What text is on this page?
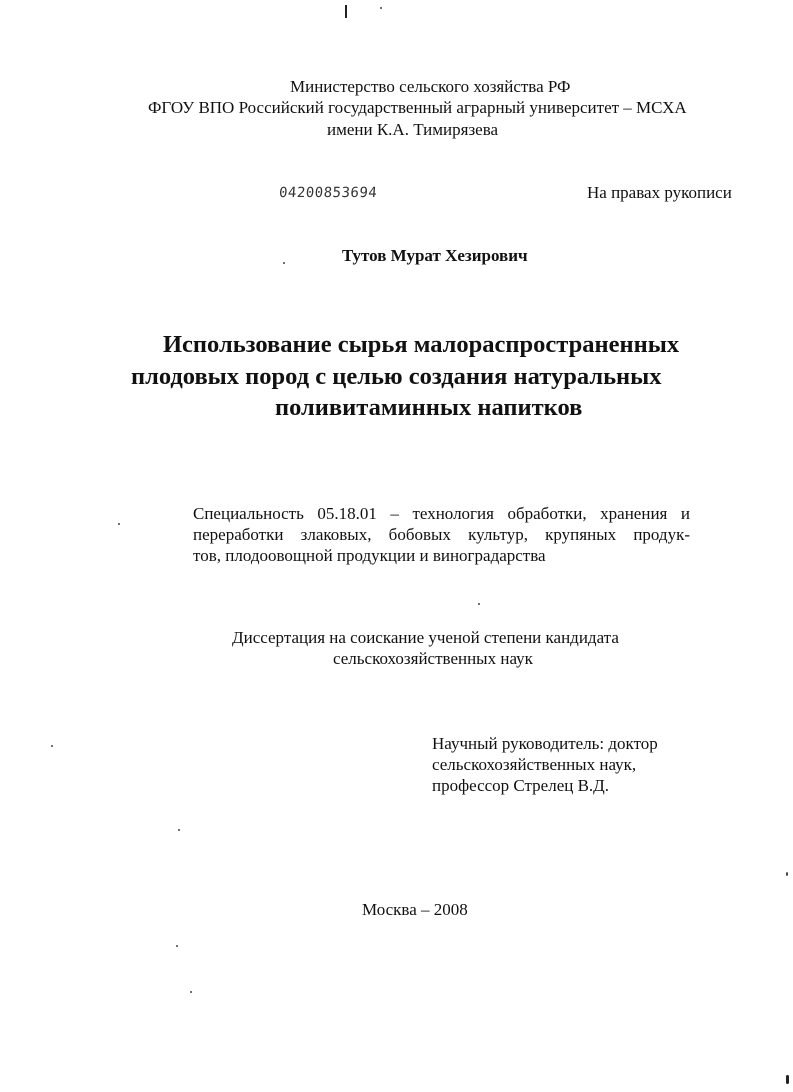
Министерство сельского хозяйства РФ
ФГОУ ВПО Российский государственный аграрный университет – МСХА
имени К.А. Тимирязева
04200853694	На правах рукописи
Тутов Мурат Хезирович
Использование сырья малораспространенных
плодовых пород с целью создания натуральных
поливитаминных напитков
Специальность 05.18.01 – технология обработки, хранения и
переработки злаковых, бобовых культур, крупяных продук-
тов, плодоовощной продукции и виноградарства
Диссертация на соискание ученой степени кандидата
сельскохозяйственных наук
Научный руководитель: доктор
сельскохозяйственных наук,
профессор Стрелец В.Д.
Москва – 2008
